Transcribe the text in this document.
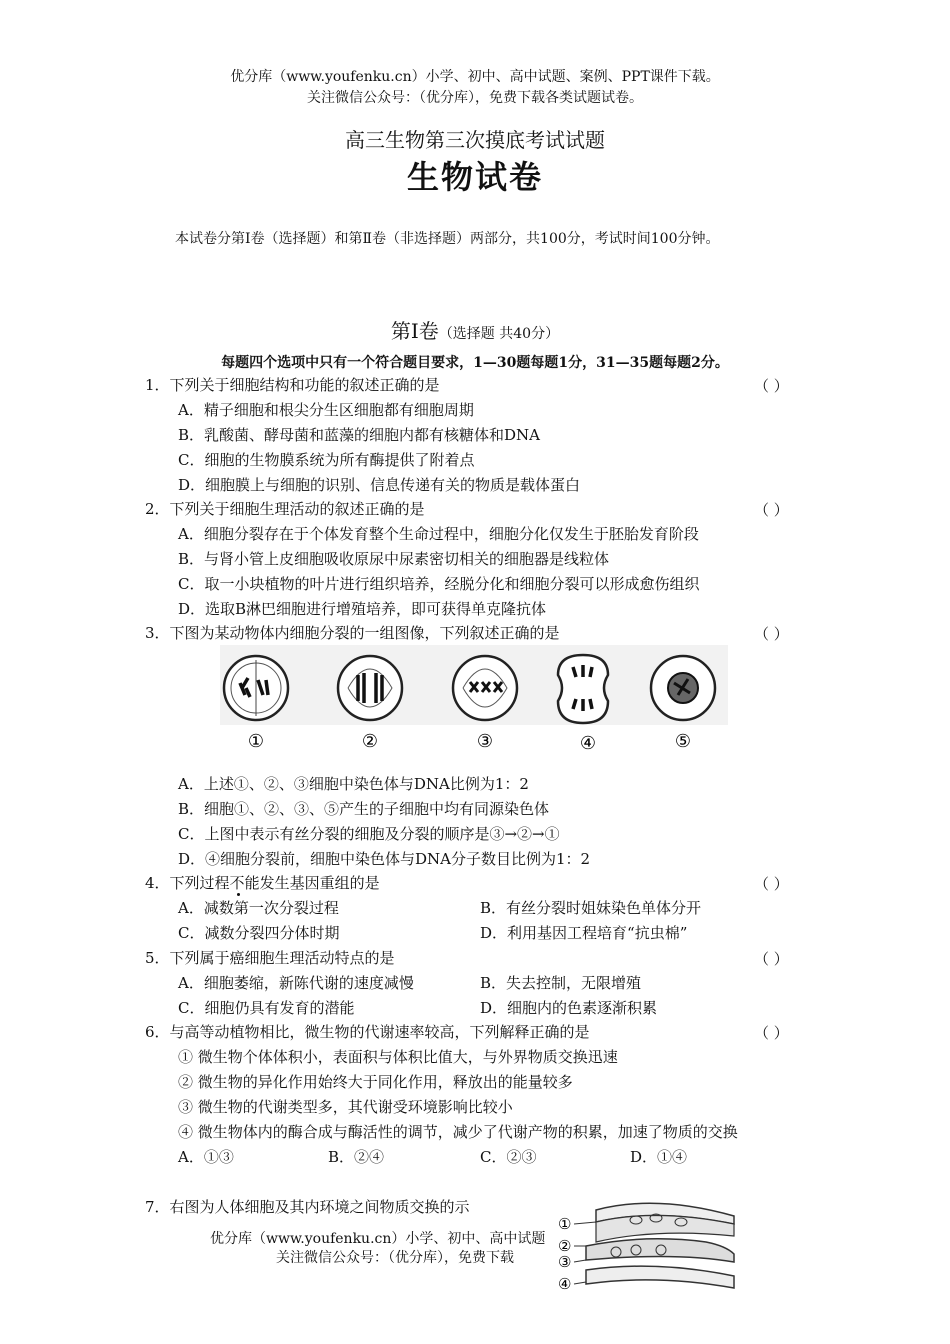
优分库（www.youfenku.cn）小学、初中、高中试题、案例、PPT课件下载。
关注微信公众号：（优分库），免费下载各类试题试卷。
高三生物第三次摸底考试试题
生物试卷
本试卷分第Ⅰ卷（选择题）和第Ⅱ卷（非选择题）两部分，共100分，考试时间100分钟。
第Ⅰ卷（选择题 共40分）
每题四个选项中只有一个符合题目要求，1—30题每题1分，31—35题每题2分。
1．下列关于细胞结构和功能的叙述正确的是	（ ）
A．精子细胞和根尖分生区细胞都有细胞周期
B．乳酸菌、酵母菌和蓝藻的细胞内都有核糖体和DNA
C．细胞的生物膜系统为所有酶提供了附着点
D．细胞膜上与细胞的识别、信息传递有关的物质是载体蛋白
2．下列关于细胞生理活动的叙述正确的是	（ ）
A．细胞分裂存在于个体发育整个生命过程中，细胞分化仅发生于胚胎发育阶段
B．与肾小管上皮细胞吸收原尿中尿素密切相关的细胞器是线粒体
C．取一小块植物的叶片进行组织培养，经脱分化和细胞分裂可以形成愈伤组织
D．选取B淋巴细胞进行增殖培养，即可获得单克隆抗体
3．下图为某动物体内细胞分裂的一组图像，下列叙述正确的是	（ ）
①	②	③	④	⑤
A．上述①、②、③细胞中染色体与DNA比例为1：2
B．细胞①、②、③、⑤产生的子细胞中均有同源染色体
C．上图中表示有丝分裂的细胞及分裂的顺序是③→②→①
D．④细胞分裂前，细胞中染色体与DNA分子数目比例为1：2
4．下列过程不能发生基因重组的是	（ ）
A．减数第一次分裂过程	B．有丝分裂时姐妹染色单体分开
C．减数分裂四分体时期	D．利用基因工程培育“抗虫棉”
5．下列属于癌细胞生理活动特点的是	（ ）
A．细胞萎缩，新陈代谢的速度减慢	B．失去控制，无限增殖
C．细胞仍具有发育的潜能	D．细胞内的色素逐渐积累
6．与高等动植物相比，微生物的代谢速率较高，下列解释正确的是	（ ）
① 微生物个体体积小，表面积与体积比值大，与外界物质交换迅速
② 微生物的异化作用始终大于同化作用，释放出的能量较多
③ 微生物的代谢类型多，其代谢受环境影响比较小
④ 微生物体内的酶合成与酶活性的调节，减少了代谢产物的积累，加速了物质的交换
A．①③	B．②④	C．②③	D．①④
7．右图为人体细胞及其内环境之间物质交换的示
优分库（www.youfenku.cn）小学、初中、高中试题
关注微信公众号：（优分库），免费下载
①
②
③
④
